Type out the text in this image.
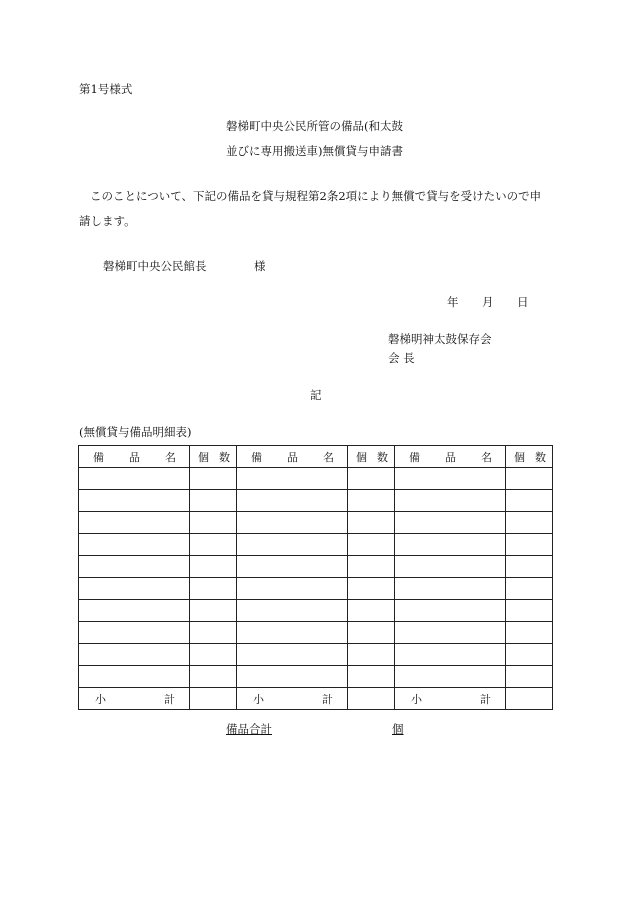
第1号様式
磐梯町中央公民所管の備品(和太鼓
並びに専用搬送車)無償貸与申請書
このことについて、下記の備品を貸与規程第2条2項により無償で貸与を受けたいので申
請します。
磐梯町中央公民館長	様
年 月 日
磐梯明神太鼓保存会
会 長
記
(無償貸与備品明細表)
備 品 名	個 数	備 品 名	個 数	備 品 名	個 数

小 計		小 計		小 計	

備品合計	個
